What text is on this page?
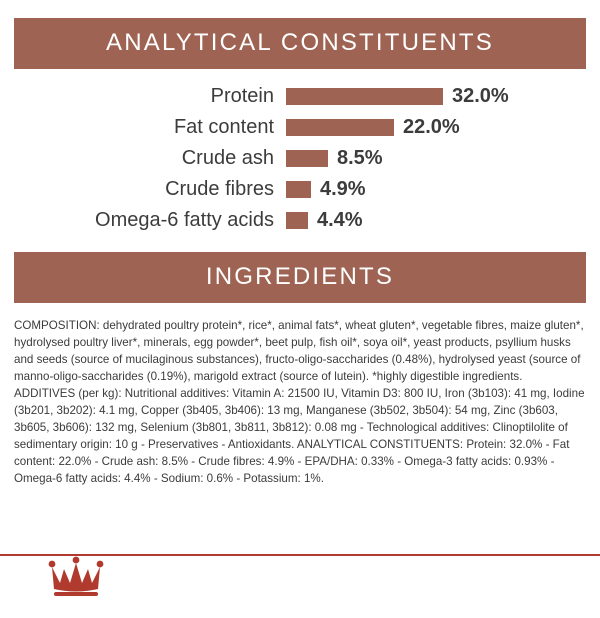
ANALYTICAL CONSTITUENTS
Protein	32.0%
Fat content	22.0%
Crude ash	8.5%
Crude fibres	4.9%
Omega-6 fatty acids	4.4%
INGREDIENTS
COMPOSITION: dehydrated poultry protein*, rice*, animal fats*, wheat gluten*, vegetable fibres, maize gluten*, hydrolysed poultry liver*, minerals, egg powder*, beet pulp, fish oil*, soya oil*, yeast products, psyllium husks and seeds (source of mucilaginous substances), fructo-oligo-saccharides (0.48%), hydrolysed yeast (source of manno-oligo-saccharides (0.19%), marigold extract (source of lutein). *highly digestible ingredients. ADDITIVES (per kg): Nutritional additives: Vitamin A: 21500 IU, Vitamin D3: 800 IU, Iron (3b103): 41 mg, Iodine (3b201, 3b202): 4.1 mg, Copper (3b405, 3b406): 13 mg, Manganese (3b502, 3b504): 54 mg, Zinc (3b603, 3b605, 3b606): 132 mg, Selenium (3b801, 3b811, 3b812): 0.08 mg - Technological additives: Clinoptilolite of sedimentary origin: 10 g - Preservatives - Antioxidants. ANALYTICAL CONSTITUENTS: Protein: 32.0% - Fat content: 22.0% - Crude ash: 8.5% - Crude fibres: 4.9% - EPA/DHA: 0.33% - Omega-3 fatty acids: 0.93% - Omega-6 fatty acids: 4.4% - Sodium: 0.6% - Potassium: 1%.
